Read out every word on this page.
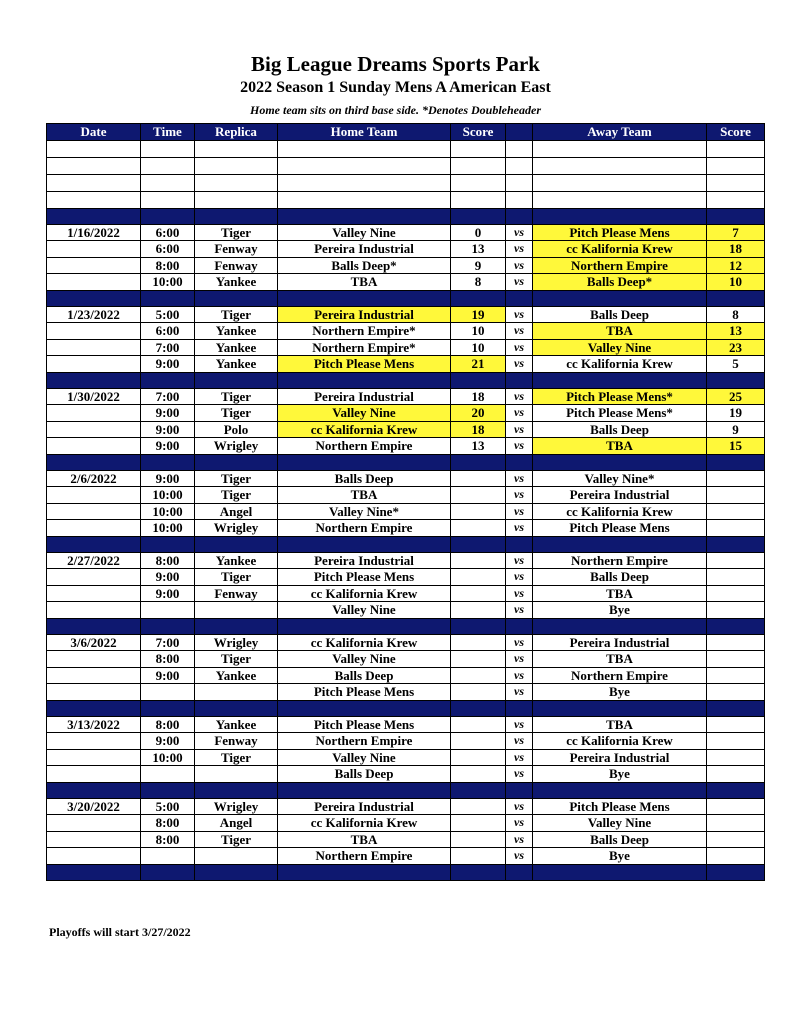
Big League Dreams Sports Park
2022 Season 1 Sunday Mens A American East
Home team sits on third base side. *Denotes Doubleheader
Date	Time	Replica	Home Team	Score		Away Team	Score

1/16/2022	6:00	Tiger	Valley Nine	0	vs	Pitch Please Mens	7
	6:00	Fenway	Pereira Industrial	13	vs	cc Kalifornia Krew	18
	8:00	Fenway	Balls Deep*	9	vs	Northern Empire	12
	10:00	Yankee	TBA	8	vs	Balls Deep*	10

1/23/2022	5:00	Tiger	Pereira Industrial	19	vs	Balls Deep	8
	6:00	Yankee	Northern Empire*	10	vs	TBA	13
	7:00	Yankee	Northern Empire*	10	vs	Valley Nine	23
	9:00	Yankee	Pitch Please Mens	21	vs	cc Kalifornia Krew	5

1/30/2022	7:00	Tiger	Pereira Industrial	18	vs	Pitch Please Mens*	25
	9:00	Tiger	Valley Nine	20	vs	Pitch Please Mens*	19
	9:00	Polo	cc Kalifornia Krew	18	vs	Balls Deep	9
	9:00	Wrigley	Northern Empire	13	vs	TBA	15

2/6/2022	9:00	Tiger	Balls Deep		vs	Valley Nine*	
	10:00	Tiger	TBA		vs	Pereira Industrial	
	10:00	Angel	Valley Nine*		vs	cc Kalifornia Krew	
	10:00	Wrigley	Northern Empire		vs	Pitch Please Mens	

2/27/2022	8:00	Yankee	Pereira Industrial		vs	Northern Empire	
	9:00	Tiger	Pitch Please Mens		vs	Balls Deep	
	9:00	Fenway	cc Kalifornia Krew		vs	TBA	
			Valley Nine		vs	Bye	

3/6/2022	7:00	Wrigley	cc Kalifornia Krew		vs	Pereira Industrial	
	8:00	Tiger	Valley Nine		vs	TBA	
	9:00	Yankee	Balls Deep		vs	Northern Empire	
			Pitch Please Mens		vs	Bye	

3/13/2022	8:00	Yankee	Pitch Please Mens		vs	TBA	
	9:00	Fenway	Northern Empire		vs	cc Kalifornia Krew	
	10:00	Tiger	Valley Nine		vs	Pereira Industrial	
			Balls Deep		vs	Bye	

3/20/2022	5:00	Wrigley	Pereira Industrial		vs	Pitch Please Mens	
	8:00	Angel	cc Kalifornia Krew		vs	Valley Nine	
	8:00	Tiger	TBA		vs	Balls Deep	
			Northern Empire		vs	Bye	

Playoffs will start 3/27/2022
